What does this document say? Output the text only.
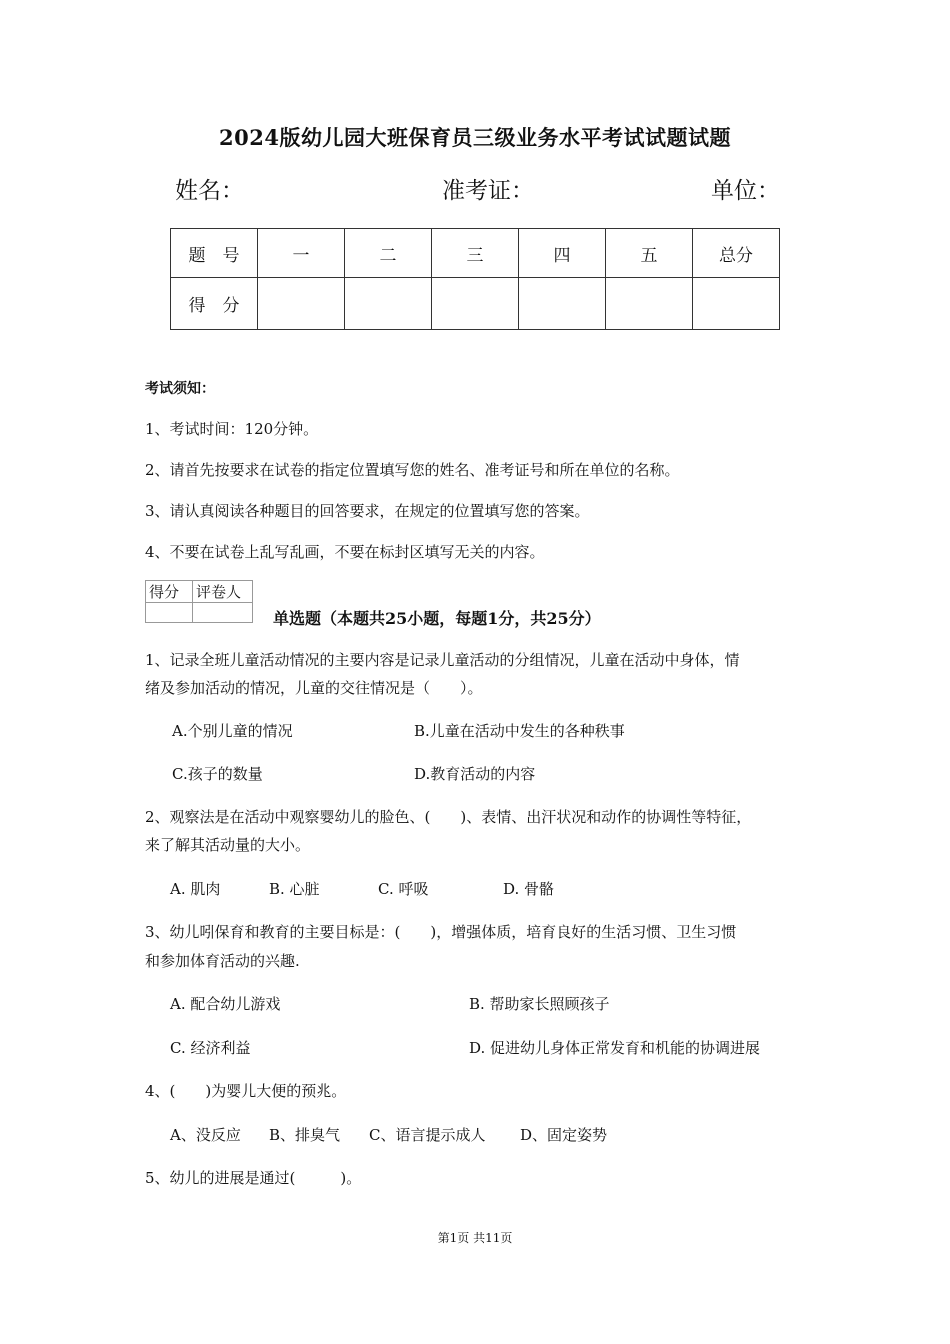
2024版幼儿园大班保育员三级业务水平考试试题试题
姓名：	准考证：	单位：
题　号	一	二	三	四	五	总分
得　分						
考试须知：
1、考试时间：120分钟。
2、请首先按要求在试卷的指定位置填写您的姓名、准考证号和所在单位的名称。
3、请认真阅读各种题目的回答要求，在规定的位置填写您的答案。
4、不要在试卷上乱写乱画，不要在标封区填写无关的内容。
得分	评卷人

单选题（本题共25小题，每题1分，共25分）
1、记录全班儿童活动情况的主要内容是记录儿童活动的分组情况，儿童在活动中身体，情
绪及参加活动的情况，儿童的交往情况是（　　）。
A.个别儿童的情况	B.儿童在活动中发生的各种秩事
C.孩子的数量	D.教育活动的内容
2、观察法是在活动中观察婴幼儿的脸色、(　　)、表情、出汗状况和动作的协调性等特征，
来了解其活动量的大小。
A. 肌肉	B. 心脏	C. 呼吸	D. 骨骼
3、幼儿吲保育和教育的主要目标是：(　　)，增强体质，培育良好的生活习惯、卫生习惯
和参加体育活动的兴趣.
A. 配合幼儿游戏	B. 帮助家长照顾孩子
C. 经济利益	D. 促进幼儿身体正常发育和机能的协调进展
4、(　　)为婴儿大便的预兆。
A、没反应 B、排臭气 C、语言提示成人 D、固定姿势
5、幼儿的进展是通过(　　　)。
第1页 共11页
